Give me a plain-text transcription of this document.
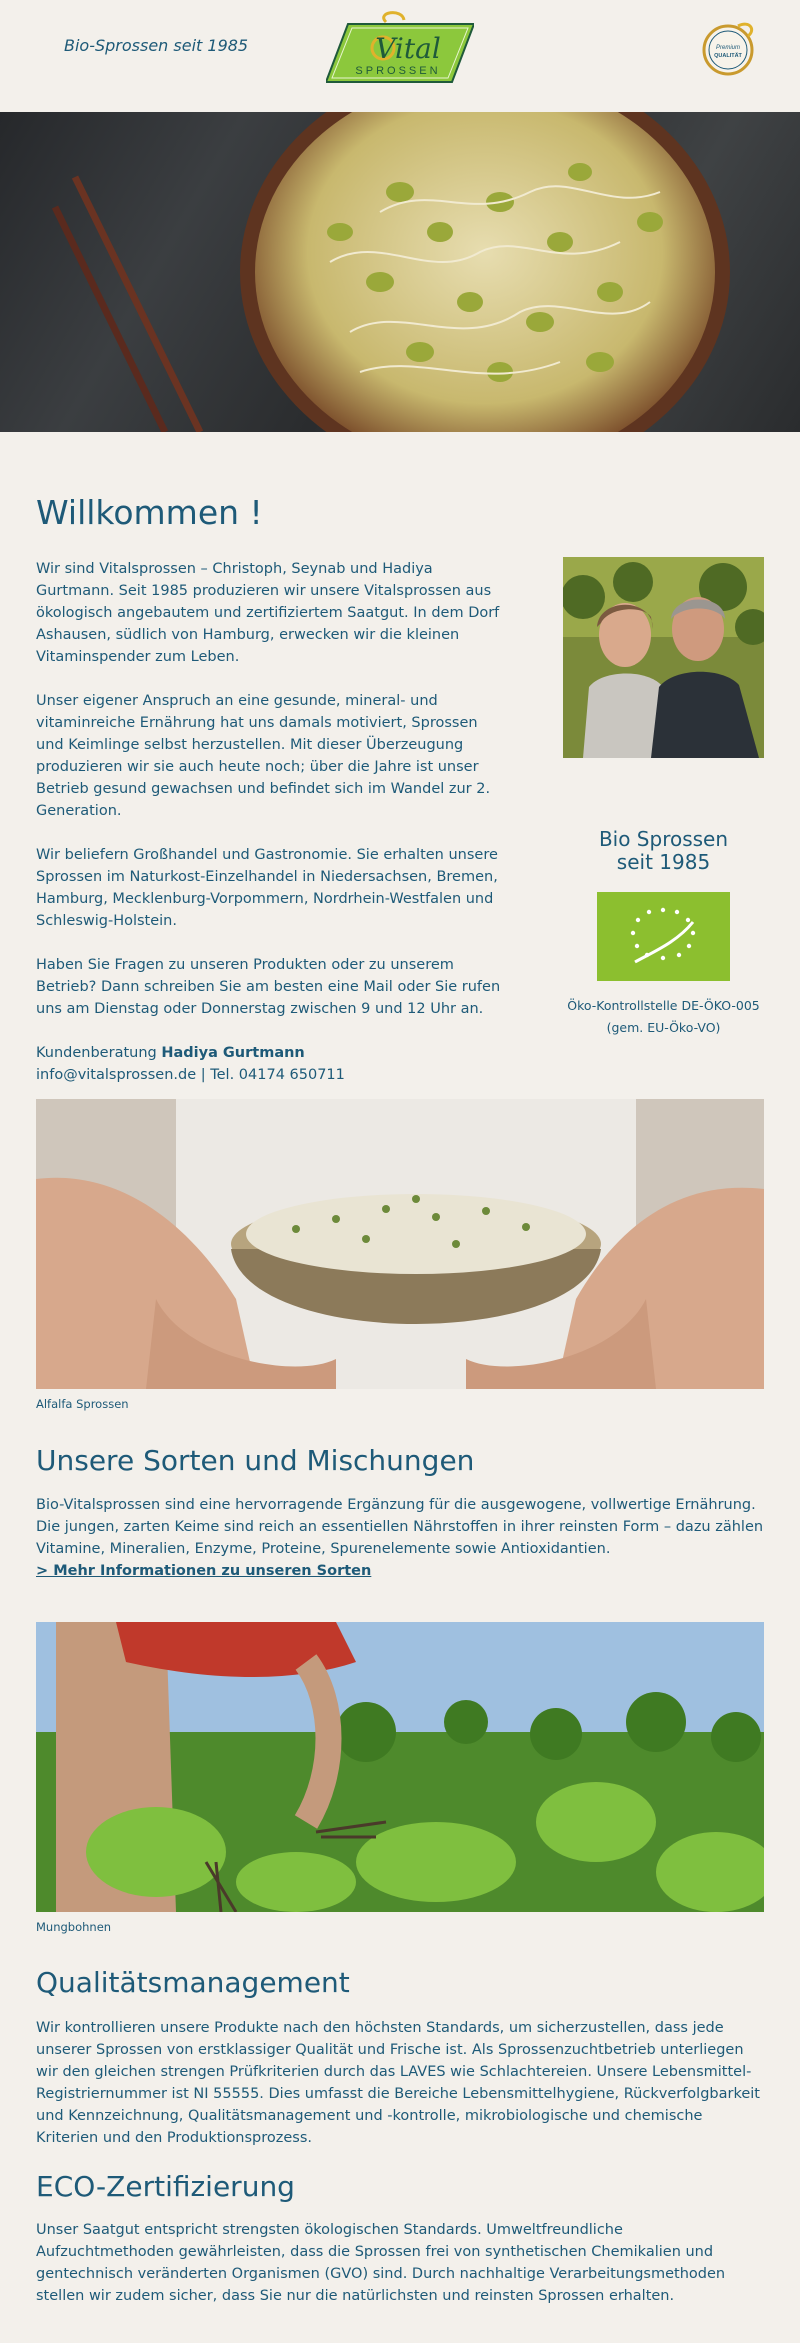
Bio-Sprossen seit 1985	Vital
SPROSSEN
Premium
QUALITÄT
Willkommen !

Wir sind Vitalsprossen – Christoph, Seynab und Hadiya Gurtmann. Seit 1985 produzieren wir unsere Vitalsprossen aus ökologisch angebautem und zertifiziertem Saatgut. In dem Dorf Ashausen, südlich von Hamburg, erwecken wir die kleinen Vitaminspender zum Leben.

Unser eigener Anspruch an eine gesunde, mineral- und vitaminreiche Ernährung hat uns damals motiviert, Sprossen und Keimlinge selbst herzustellen. Mit dieser Überzeugung produzieren wir sie auch heute noch; über die Jahre ist unser Betrieb gesund gewachsen und befindet sich im Wandel zur 2. Generation.

Wir beliefern Großhandel und Gastronomie. Sie erhalten unsere Sprossen im Naturkost-Einzelhandel in Niedersachsen, Bremen, Hamburg, Mecklenburg-Vorpommern, Nordrhein-Westfalen und Schleswig-Holstein.

Haben Sie Fragen zu unseren Produkten oder zu unserem Betrieb? Dann schreiben Sie am besten eine Mail oder Sie rufen uns am Dienstag oder Donnerstag zwischen 9 und 12 Uhr an.

Kundenberatung Hadiya Gurtmann
info@vitalsprossen.de | Tel. 04174 650711

Bio Sprossen
seit 1985
Öko-Kontrollstelle DE-ÖKO-005
(gem. EU-Öko-VO)
Alfalfa Sprossen
Unsere Sorten und Mischungen
Bio-Vitalsprossen sind eine hervorragende Ergänzung für die ausgewogene, vollwertige Ernährung. Die jungen, zarten Keime sind reich an essentiellen Nährstoffen in ihrer reinsten Form – dazu zählen Vitamine, Mineralien, Enzyme, Proteine, Spurenelemente sowie Antioxidantien.
> Mehr Informationen zu unseren Sorten
Mungbohnen
Qualitätsmanagement
Wir kontrollieren unsere Produkte nach den höchsten Standards, um sicherzustellen, dass jede unserer Sprossen von erstklassiger Qualität und Frische ist. Als Sprossenzuchtbetrieb unterliegen wir den gleichen strengen Prüfkriterien durch das LAVES wie Schlachtereien. Unsere Lebensmittel-Registriernummer ist NI 55555. Dies umfasst die Bereiche Lebensmittelhygiene, Rückverfolgbarkeit und Kennzeichnung, Qualitätsmanagement und -kontrolle, mikrobiologische und chemische Kriterien und den Produktionsprozess.
ECO-Zertifizierung
Unser Saatgut entspricht strengsten ökologischen Standards. Umweltfreundliche Aufzuchtmethoden gewährleisten, dass die Sprossen frei von synthetischen Chemikalien und gentechnisch veränderten Organismen (GVO) sind. Durch nachhaltige Verarbeitungsmethoden stellen wir zudem sicher, dass Sie nur die natürlichsten und reinsten Sprossen erhalten.
